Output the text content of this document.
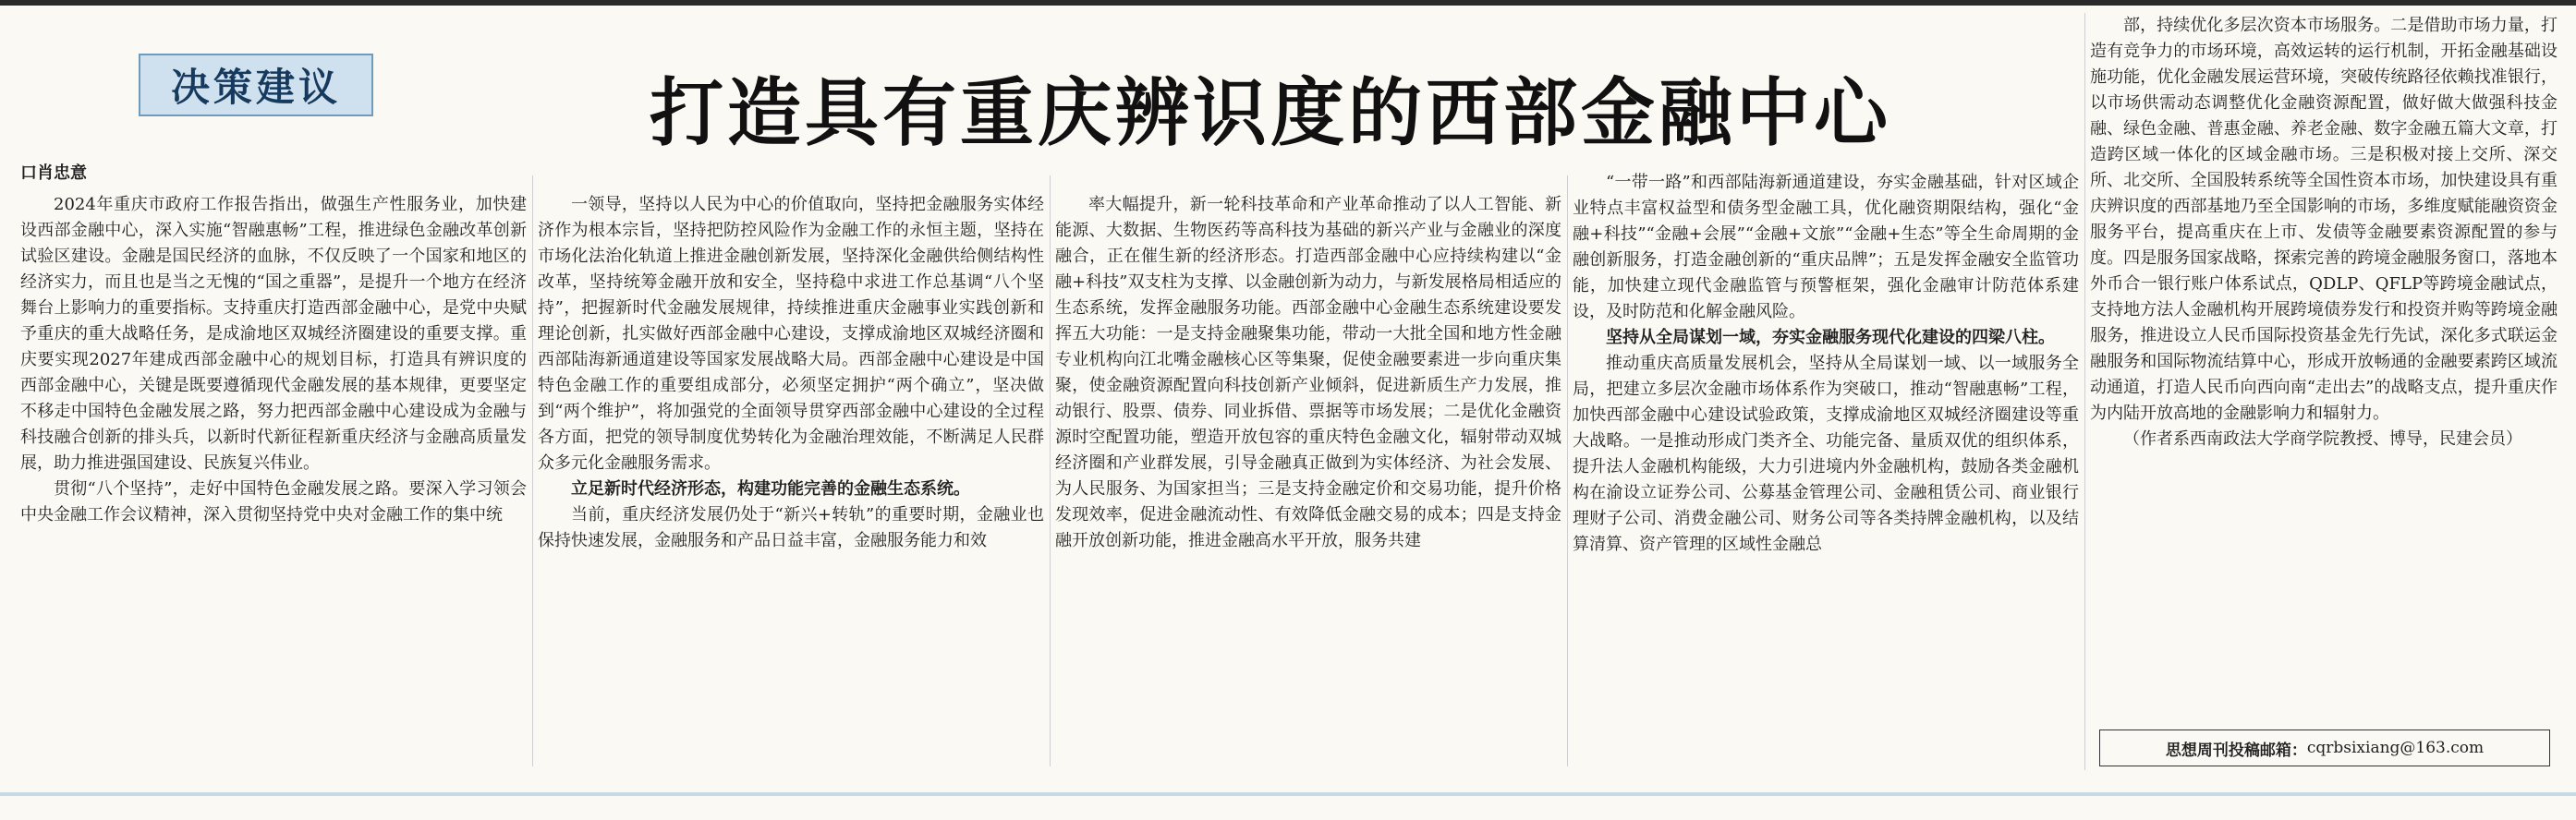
决策建议	打造具有重庆辨识度的西部金融中心
口肖忠意

2024年重庆市政府工作报告指出，做强生产性服务业，加快建设西部金融中心，深入实施“智融惠畅”工程，推进绿色金融改革创新试验区建设。金融是国民经济的血脉，不仅反映了一个国家和地区的经济实力，而且也是当之无愧的“国之重器”，是提升一个地方在经济舞台上影响力的重要指标。支持重庆打造西部金融中心，是党中央赋予重庆的重大战略任务，是成渝地区双城经济圈建设的重要支撑。重庆要实现2027年建成西部金融中心的规划目标，打造具有辨识度的西部金融中心，关键是既要遵循现代金融发展的基本规律，更要坚定不移走中国特色金融发展之路，努力把西部金融中心建设成为金融与科技融合创新的排头兵，以新时代新征程新重庆经济与金融高质量发展，助力推进强国建设、民族复兴伟业。

贯彻“八个坚持”，走好中国特色金融发展之路。要深入学习领会中央金融工作会议精神，深入贯彻坚持党中央对金融工作的集中统

一领导，坚持以人民为中心的价值取向，坚持把金融服务实体经济作为根本宗旨，坚持把防控风险作为金融工作的永恒主题，坚持在市场化法治化轨道上推进金融创新发展，坚持深化金融供给侧结构性改革，坚持统筹金融开放和安全，坚持稳中求进工作总基调“八个坚持”，把握新时代金融发展规律，持续推进重庆金融事业实践创新和理论创新，扎实做好西部金融中心建设，支撑成渝地区双城经济圈和西部陆海新通道建设等国家发展战略大局。西部金融中心建设是中国特色金融工作的重要组成部分，必须坚定拥护“两个确立”，坚决做到“两个维护”，将加强党的全面领导贯穿西部金融中心建设的全过程各方面，把党的领导制度优势转化为金融治理效能，不断满足人民群众多元化金融服务需求。

立足新时代经济形态，构建功能完善的金融生态系统。

当前，重庆经济发展仍处于“新兴+转轨”的重要时期，金融业也保持快速发展，金融服务和产品日益丰富，金融服务能力和效

率大幅提升，新一轮科技革命和产业革命推动了以人工智能、新能源、大数据、生物医药等高科技为基础的新兴产业与金融业的深度融合，正在催生新的经济形态。打造西部金融中心应持续构建以“金融+科技”双支柱为支撑、以金融创新为动力，与新发展格局相适应的生态系统，发挥金融服务功能。西部金融中心金融生态系统建设要发挥五大功能：一是支持金融聚集功能，带动一大批全国和地方性金融专业机构向江北嘴金融核心区等集聚，促使金融要素进一步向重庆集聚，使金融资源配置向科技创新产业倾斜，促进新质生产力发展，推动银行、股票、债券、同业拆借、票据等市场发展；二是优化金融资源时空配置功能，塑造开放包容的重庆特色金融文化，辐射带动双城经济圈和产业群发展，引导金融真正做到为实体经济、为社会发展、为人民服务、为国家担当；三是支持金融定价和交易功能，提升价格发现效率，促进金融流动性、有效降低金融交易的成本；四是支持金融开放创新功能，推进金融高水平开放，服务共建

“一带一路”和西部陆海新通道建设，夯实金融基础，针对区域企业特点丰富权益型和债务型金融工具，优化融资期限结构，强化“金融+科技”“金融+会展”“金融+文旅”“金融+生态”等全生命周期的金融创新服务，打造金融创新的“重庆品牌”；五是发挥金融安全监管功能，加快建立现代金融监管与预警框架，强化金融审计防范体系建设，及时防范和化解金融风险。

坚持从全局谋划一域，夯实金融服务现代化建设的四梁八柱。

推动重庆高质量发展机会，坚持从全局谋划一域、以一域服务全局，把建立多层次金融市场体系作为突破口，推动“智融惠畅”工程，加快西部金融中心建设试验政策，支撑成渝地区双城经济圈建设等重大战略。一是推动形成门类齐全、功能完备、量质双优的组织体系，提升法人金融机构能级，大力引进境内外金融机构，鼓励各类金融机构在渝设立证券公司、公募基金管理公司、金融租赁公司、商业银行理财子公司、消费金融公司、财务公司等各类持牌金融机构，以及结算清算、资产管理的区域性金融总

部，持续优化多层次资本市场服务。二是借助市场力量，打造有竞争力的市场环境，高效运转的运行机制，开拓金融基础设施功能，优化金融发展运营环境，突破传统路径依赖找准银行，以市场供需动态调整优化金融资源配置，做好做大做强科技金融、绿色金融、普惠金融、养老金融、数字金融五篇大文章，打造跨区域一体化的区域金融市场。三是积极对接上交所、深交所、北交所、全国股转系统等全国性资本市场，加快建设具有重庆辨识度的西部基地乃至全国影响的市场，多维度赋能融资资金服务平台，提高重庆在上市、发债等金融要素资源配置的参与度。四是服务国家战略，探索完善的跨境金融服务窗口，落地本外币合一银行账户体系试点，QDLP、QFLP等跨境金融试点，支持地方法人金融机构开展跨境债券发行和投资并购等跨境金融服务，推进设立人民币国际投资基金先行先试，深化多式联运金融服务和国际物流结算中心，形成开放畅通的金融要素跨区域流动通道，打造人民币向西向南“走出去”的战略支点，提升重庆作为内陆开放高地的金融影响力和辐射力。

（作者系西南政法大学商学院教授、博导，民建会员）

思想周刊投稿邮箱： cqrbsixiang@163.com
